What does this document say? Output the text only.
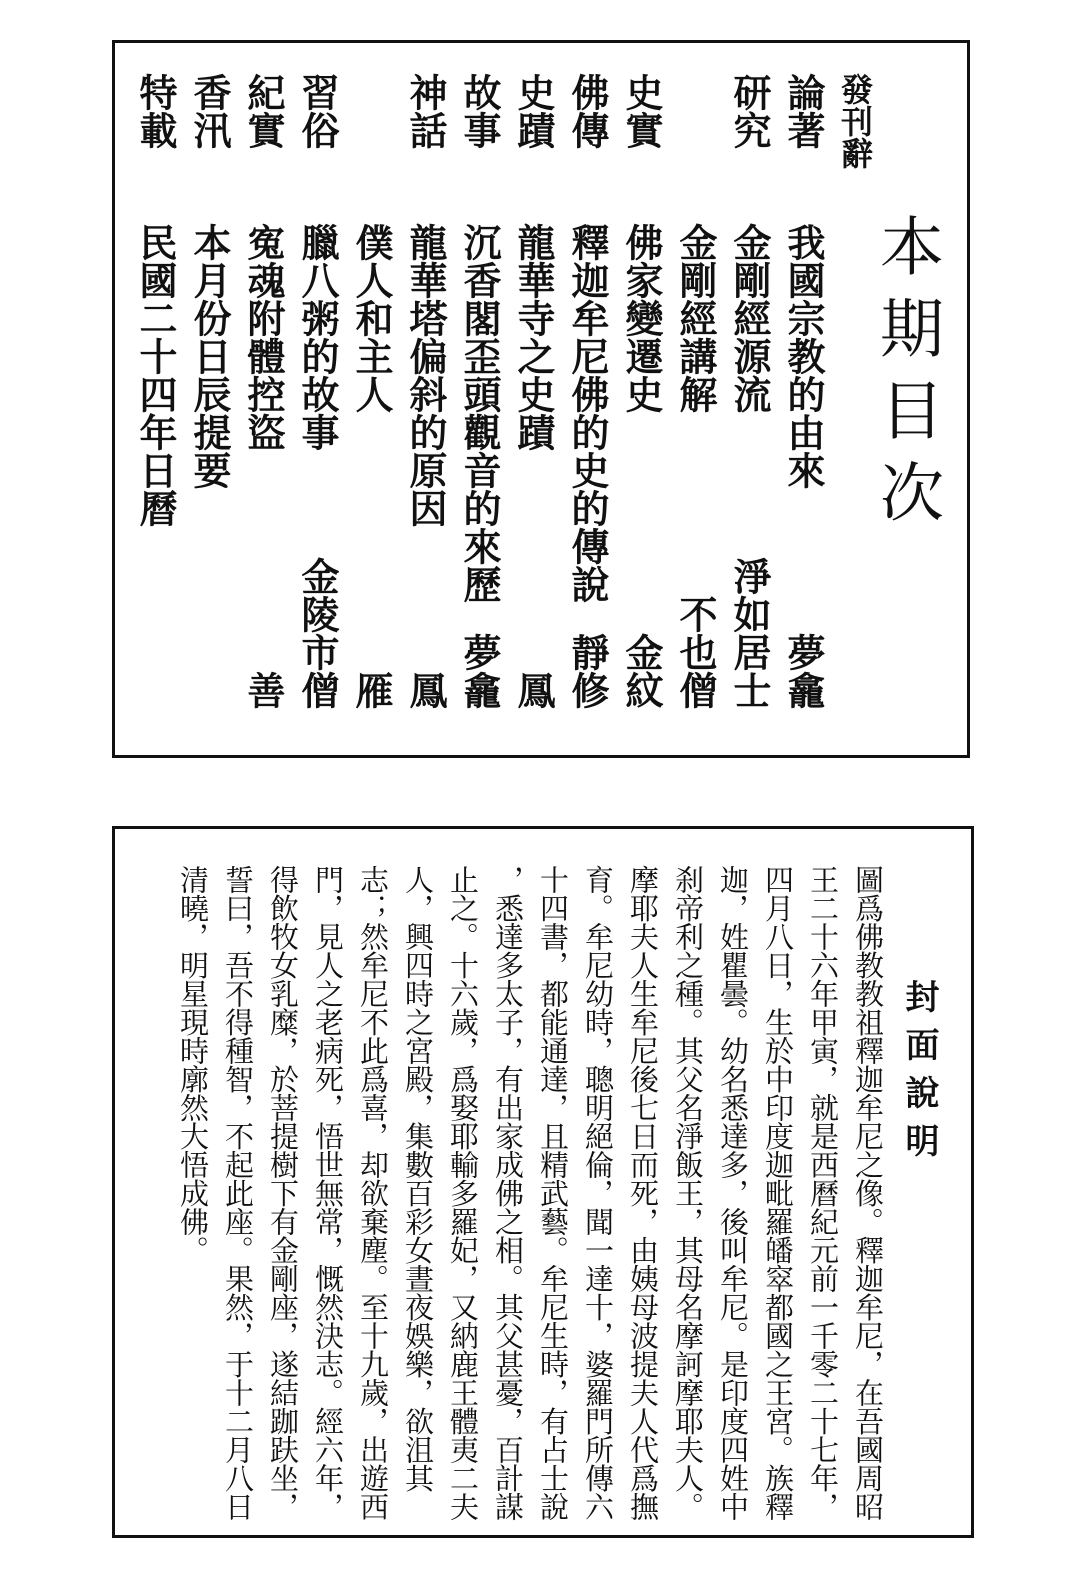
本期目次
發刊辭
論著
我國宗教的由來
夢龕
研究
金剛經源流
淨如居士
金剛經講解
不也僧
史實
佛家變遷史
金紋
佛傳
釋迦牟尼佛的史的傳說
靜修
史蹟
龍華寺之史蹟
鳳
故事
沉香閣歪頭觀音的來歷
夢龕
神話
龍華塔偏斜的原因
鳳
僕人和主人
雁
習俗
臘八粥的故事
金陵市僧
紀實
寃魂附體控盜
善
香汛
本月份日辰提要
特載
民國二十四年日曆
封面說明
圖爲佛教教祖釋迦牟尼之像。釋迦牟尼，在吾國周昭
王二十六年甲寅，就是西曆紀元前一千零二十七年，
四月八日，生於中印度迦毗羅皤窣都國之王宮。族釋
迦，姓瞿曇。幼名悉達多，後叫牟尼。是印度四姓中
刹帝利之種。其父名淨飯王，其母名摩訶摩耶夫人。
摩耶夫人生牟尼後七日而死，由姨母波提夫人代爲撫
育。牟尼幼時，聰明絕倫，聞一達十，婆羅門所傳六
十四書，都能通達，且精武藝。牟尼生時，有占士說
，悉達多太子，有出家成佛之相。其父甚憂，百計謀
止之。十六歲，爲娶耶輸多羅妃，又納鹿王體夷二夫
人，興四時之宮殿，集數百彩女晝夜娛樂，欲沮其
志；然牟尼不此爲喜，却欲棄塵。至十九歲，出遊西
門，見人之老病死，悟世無常，慨然決志。經六年，
得飲牧女乳糜，於菩提樹下有金剛座，遂結跏趺坐，
誓曰，吾不得種智，不起此座。果然，于十二月八日
清曉，明星現時廓然大悟成佛。
